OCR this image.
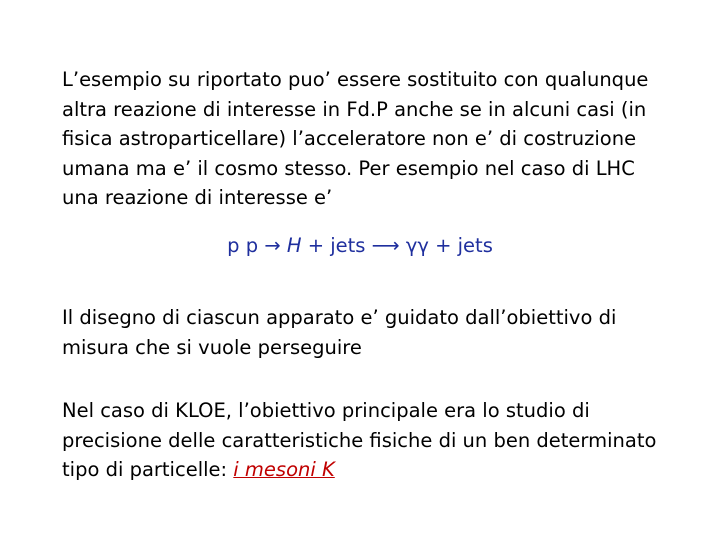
L’esempio su riportato puo’ essere sostituito con qualunque
altra reazione di interesse in Fd.P anche se in alcuni casi (in
fisica astroparticellare) l’acceleratore non e’ di costruzione
umana ma e’ il cosmo stesso. Per esempio nel caso di LHC
una reazione di interesse e’

p p → H + jets ⟶ γγ + jets

Il disegno di ciascun apparato e’ guidato dall’obiettivo di
misura che si vuole perseguire

Nel caso di KLOE, l’obiettivo principale era lo studio di
precisione delle caratteristiche fisiche di un ben determinato
tipo di particelle: i mesoni K
